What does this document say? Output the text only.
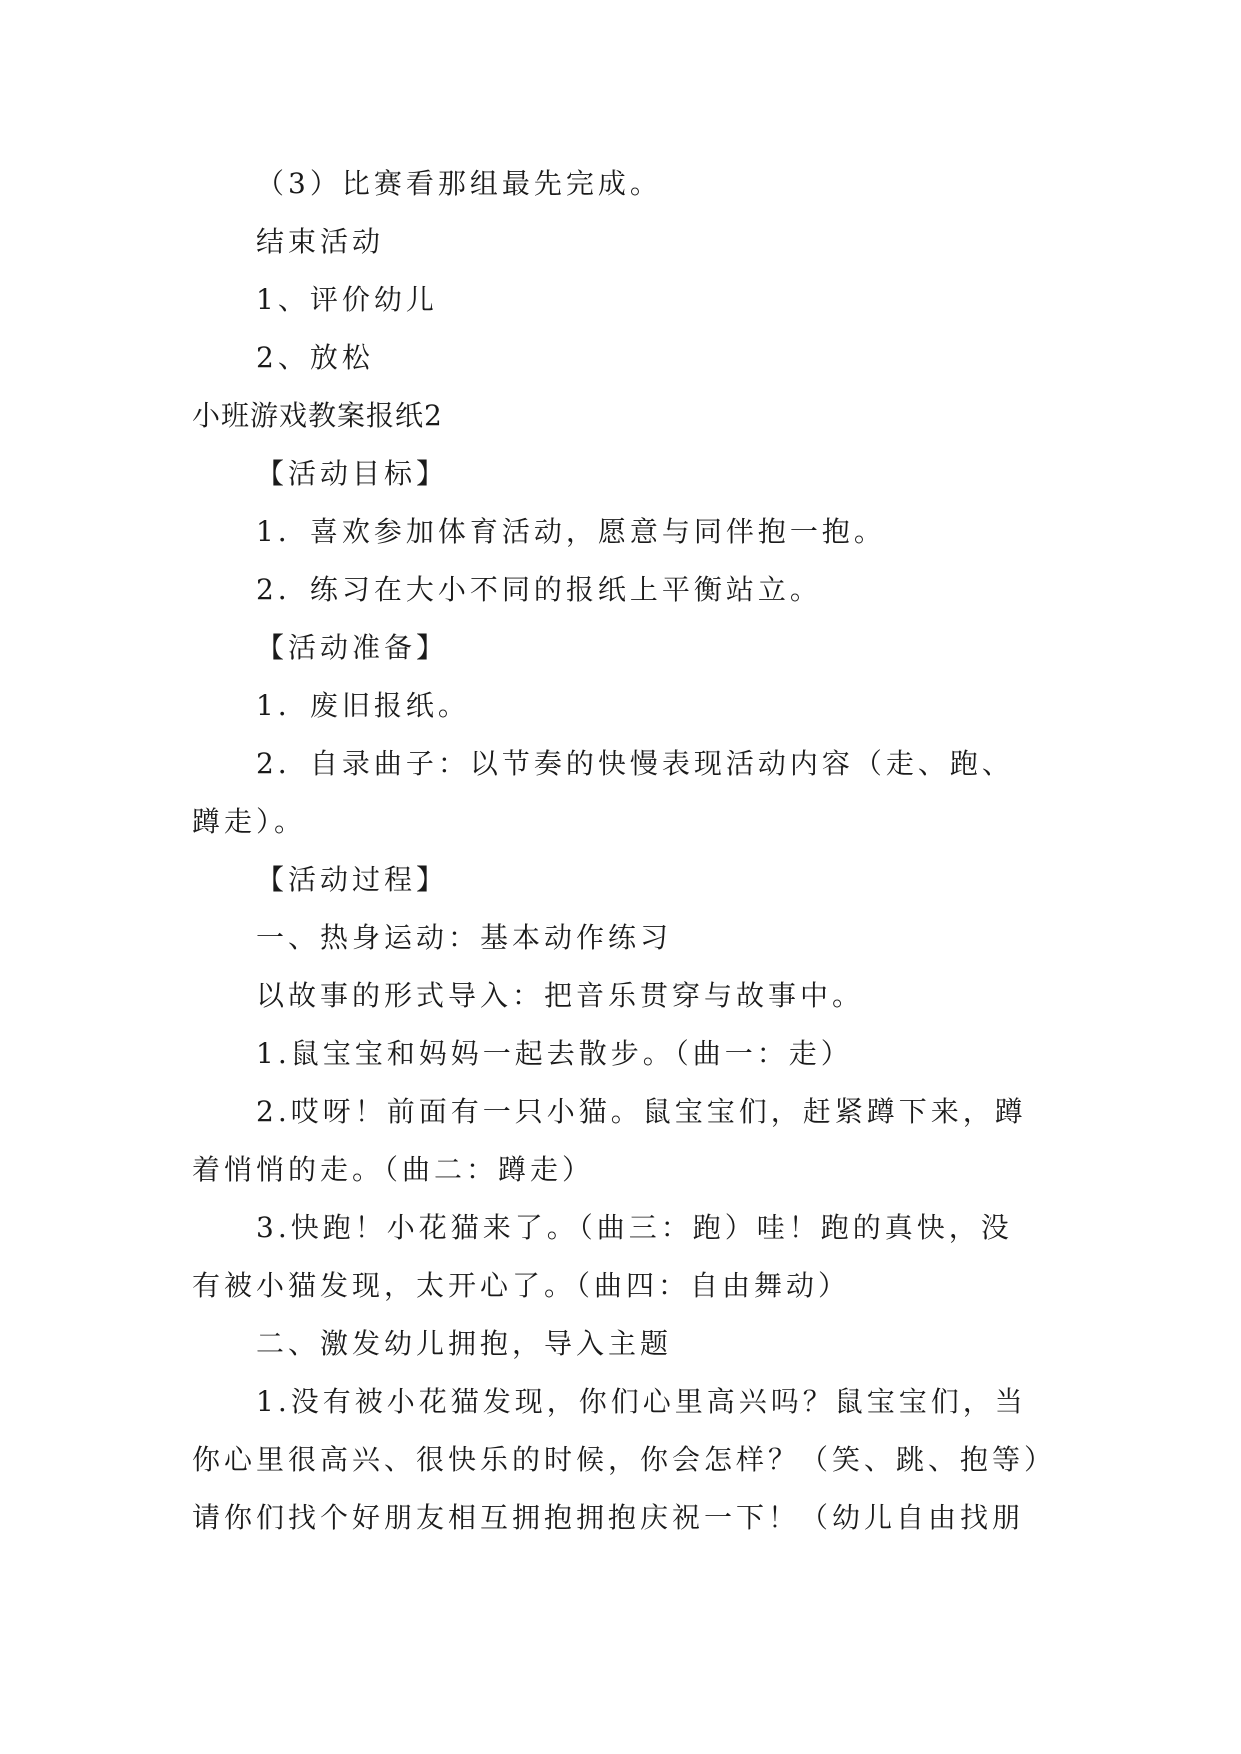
（3）比赛看那组最先完成。
结束活动
1、评价幼儿
2、放松
小班游戏教案报纸2
【活动目标】
1．喜欢参加体育活动，愿意与同伴抱一抱。
2．练习在大小不同的报纸上平衡站立。
【活动准备】
1．废旧报纸。
2．自录曲子：以节奏的快慢表现活动内容（走、跑、
蹲走）。
【活动过程】
一、热身运动：基本动作练习
以故事的形式导入：把音乐贯穿与故事中。
1.鼠宝宝和妈妈一起去散步。（曲一：走）
2.哎呀！前面有一只小猫。鼠宝宝们，赶紧蹲下来，蹲
着悄悄的走。（曲二：蹲走）
3.快跑！小花猫来了。（曲三：跑）哇！跑的真快，没
有被小猫发现，太开心了。（曲四：自由舞动）
二、激发幼儿拥抱，导入主题
1.没有被小花猫发现，你们心里高兴吗？鼠宝宝们，当
你心里很高兴、很快乐的时候，你会怎样？（笑、跳、抱等）
请你们找个好朋友相互拥抱拥抱庆祝一下！（幼儿自由找朋
